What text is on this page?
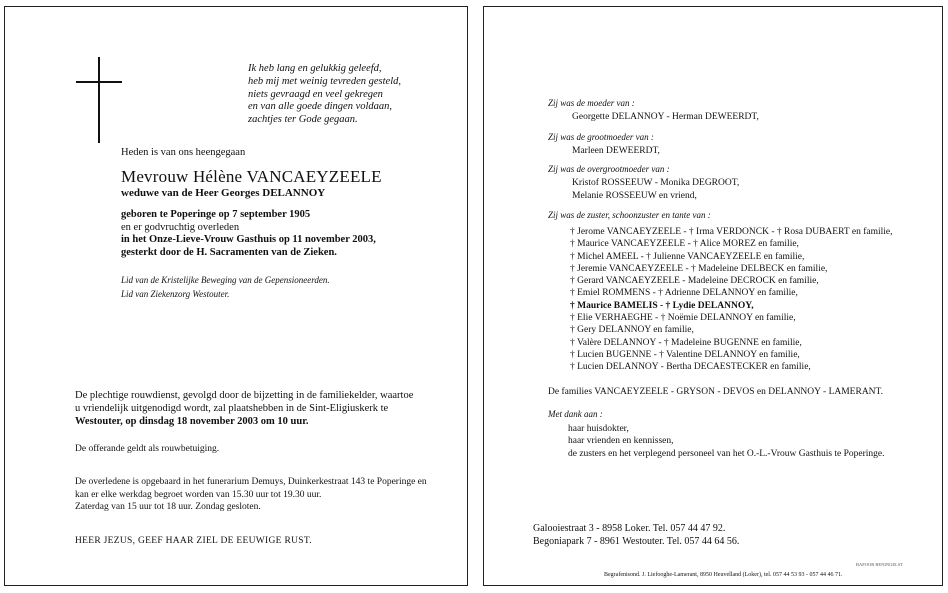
Ik heb lang en gelukkig geleefd,
heb mij met weinig tevreden gesteld,
niets gevraagd en veel gekregen
en van alle goede dingen voldaan,
zachtjes ter Gode gegaan.
Heden is van ons heengegaan
Mevrouw Hélène VANCAEYZEELE
weduwe van de Heer Georges DELANNOY
geboren te Poperinge op 7 september 1905
en er godvruchtig overleden
in het Onze-Lieve-Vrouw Gasthuis op 11 november 2003,
gesterkt door de H. Sacramenten van de Zieken.
Lid van de Kristelijke Beweging van de Gepensioneerden.
Lid van Ziekenzorg Westouter.
De plechtige rouwdienst, gevolgd door de bijzetting in de familiekelder, waartoe
u vriendelijk uitgenodigd wordt, zal plaatshebben in de Sint-Eligiuskerk te
Westouter, op dinsdag 18 november 2003 om 10 uur.
De offerande geldt als rouwbetuiging.
De overledene is opgebaard in het funerarium Demuys, Duinkerkestraat 143 te Poperinge en
kan er elke werkdag begroet worden van 15.30 uur tot 19.30 uur.
Zaterdag van 15 uur tot 18 uur. Zondag gesloten.
HEER JEZUS, GEEF HAAR ZIEL DE EEUWIGE RUST.
Zij was de moeder van :
Georgette DELANNOY - Herman DEWEERDT,
Zij was de grootmoeder van :
Marleen DEWEERDT,
Zij was de overgrootmoeder van :
Kristof ROSSEEUW - Monika DEGROOT,
Melanie ROSSEEUW en vriend,
Zij was de zuster, schoonzuster en tante van :
† Jerome VANCAEYZEELE - † Irma VERDONCK - † Rosa DUBAERT en familie,
† Maurice VANCAEYZEELE - † Alice MOREZ en familie,
† Michel AMEEL - † Julienne VANCAEYZEELE en familie,
† Jeremie VANCAEYZEELE - † Madeleine DELBECK en familie,
† Gerard VANCAEYZEELE - Madeleine DECROCK en familie,
† Emiel ROMMENS - † Adrienne DELANNOY en familie,
† Maurice BAMELIS - † Lydie DELANNOY,
† Elie VERHAEGHE - † Noëmie DELANNOY en familie,
† Gery DELANNOY en familie,
† Valère DELANNOY - † Madeleine BUGENNE en familie,
† Lucien BUGENNE - † Valentine DELANNOY en familie,
† Lucien DELANNOY - Bertha DECAESTECKER en familie,
De families VANCAEYZEELE - GRYSON - DEVOS en DELANNOY - LAMERANT.
Met dank aan :
haar huisdokter,
haar vrienden en kennissen,
de zusters en het verplegend personeel van het O.-L.-Vrouw Gasthuis te Poperinge.
Galooiestraat 3 - 8958 Loker. Tel. 057 44 47 92.
Begoniapark 7 - 8961 Westouter. Tel. 057 44 64 56.
BAFOOR RENINGELST
Begrafenisond. J. Liefooghe-Lamerant, 8950 Heuvelland (Loker), tel. 057 44 53 93 - 057 44 46 71.
